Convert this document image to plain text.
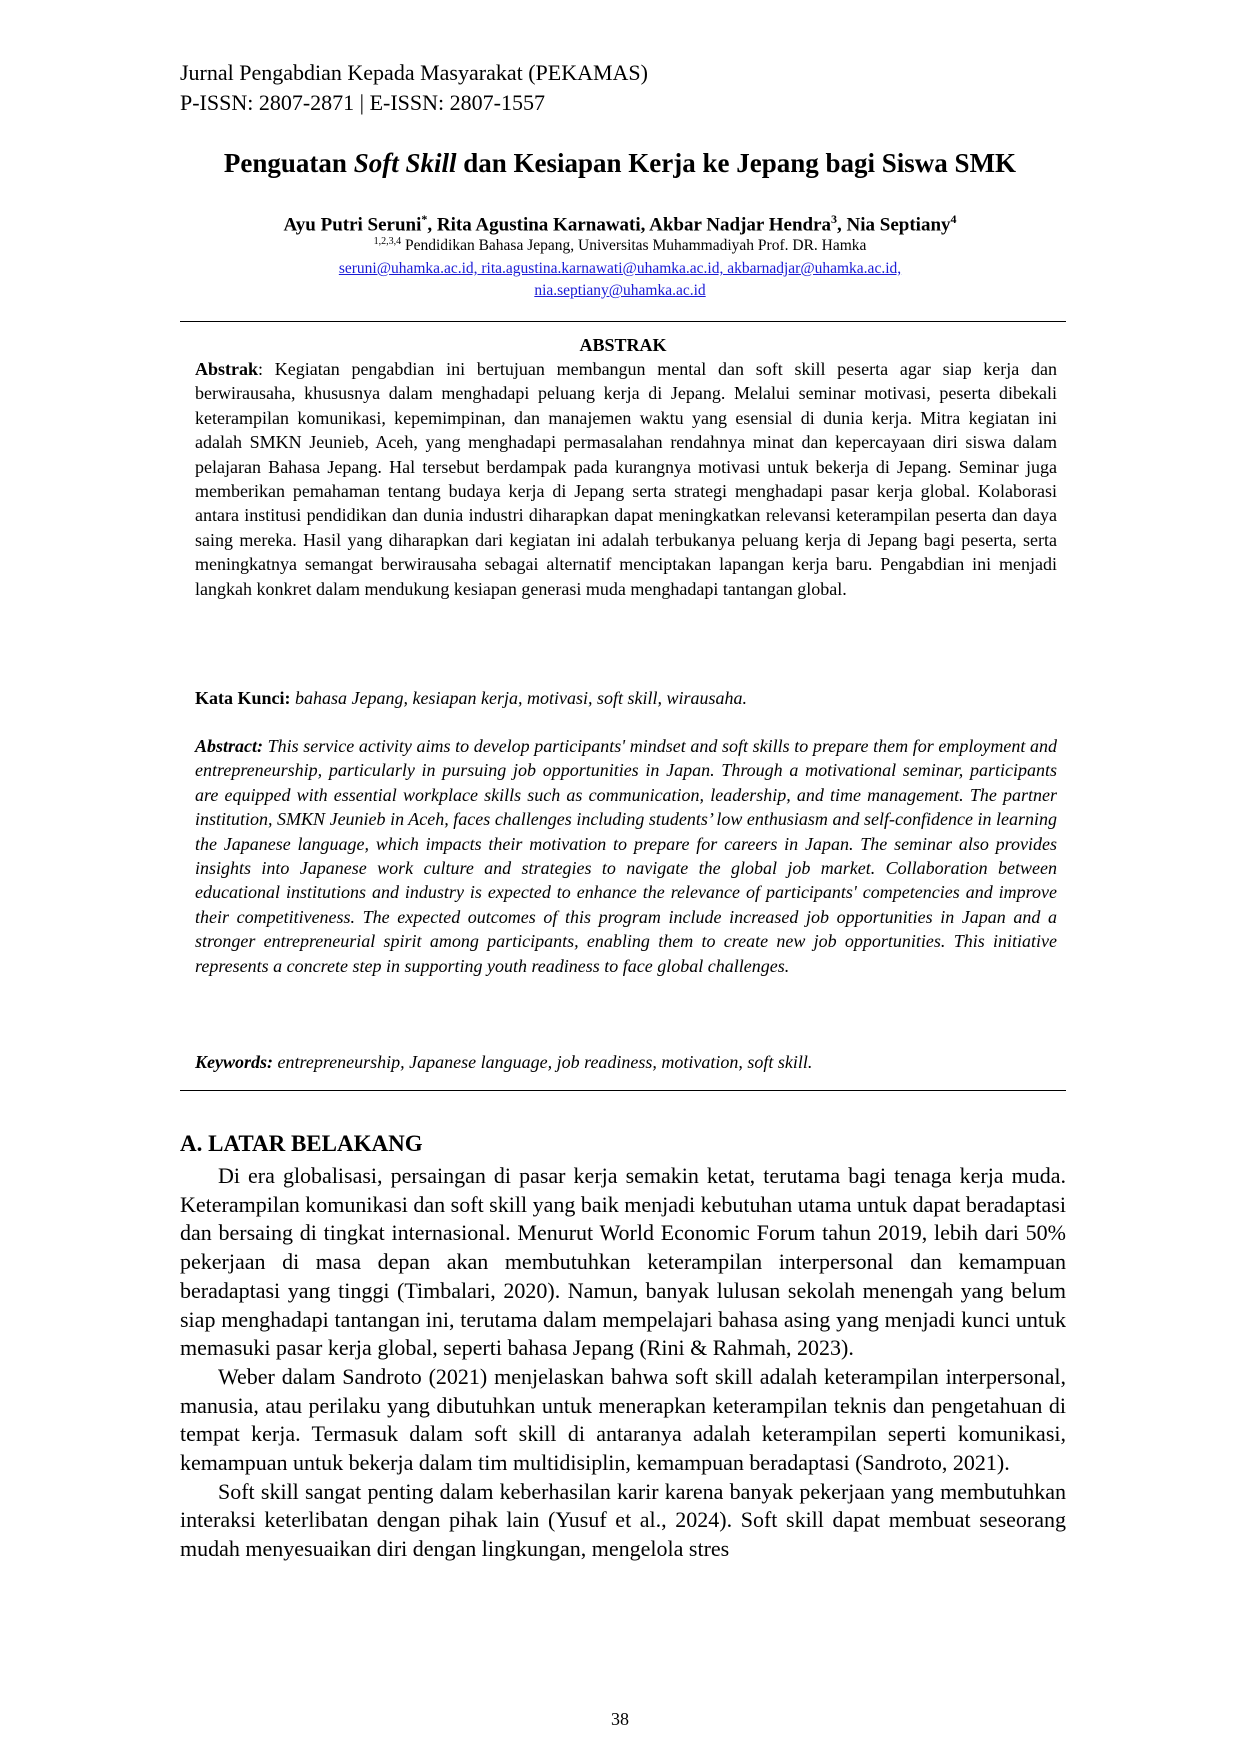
Jurnal Pengabdian Kepada Masyarakat (PEKAMAS)
P-ISSN: 2807-2871 | E-ISSN: 2807-1557
Penguatan Soft Skill dan Kesiapan Kerja ke Jepang bagi Siswa SMK
Ayu Putri Seruni*, Rita Agustina Karnawati, Akbar Nadjar Hendra$^3$, Nia Septiany$^4$
$^{1,2,3,4}$ Pendidikan Bahasa Jepang, Universitas Muhammadiyah Prof. DR. Hamka
seruni@uhamka.ac.id, rita.agustina.karnawati@uhamka.ac.id, akbarnadjar@uhamka.ac.id,
nia.septiany@uhamka.ac.id
ABSTRAK
Abstrak: Kegiatan pengabdian ini bertujuan membangun mental dan soft skill peserta agar siap kerja dan berwirausaha, khususnya dalam menghadapi peluang kerja di Jepang. Melalui seminar motivasi, peserta dibekali keterampilan komunikasi, kepemimpinan, dan manajemen waktu yang esensial di dunia kerja. Mitra kegiatan ini adalah SMKN Jeunieb, Aceh, yang menghadapi permasalahan rendahnya minat dan kepercayaan diri siswa dalam pelajaran Bahasa Jepang. Hal tersebut berdampak pada kurangnya motivasi untuk bekerja di Jepang. Seminar juga memberikan pemahaman tentang budaya kerja di Jepang serta strategi menghadapi pasar kerja global. Kolaborasi antara institusi pendidikan dan dunia industri diharapkan dapat meningkatkan relevansi keterampilan peserta dan daya saing mereka. Hasil yang diharapkan dari kegiatan ini adalah terbukanya peluang kerja di Jepang bagi peserta, serta meningkatnya semangat berwirausaha sebagai alternatif menciptakan lapangan kerja baru. Pengabdian ini menjadi langkah konkret dalam mendukung kesiapan generasi muda menghadapi tantangan global.
Kata Kunci: bahasa Jepang, kesiapan kerja, motivasi, soft skill, wirausaha.
Abstract: This service activity aims to develop participants' mindset and soft skills to prepare them for employment and entrepreneurship, particularly in pursuing job opportunities in Japan. Through a motivational seminar, participants are equipped with essential workplace skills such as communication, leadership, and time management. The partner institution, SMKN Jeunieb in Aceh, faces challenges including students’ low enthusiasm and self-confidence in learning the Japanese language, which impacts their motivation to prepare for careers in Japan. The seminar also provides insights into Japanese work culture and strategies to navigate the global job market. Collaboration between educational institutions and industry is expected to enhance the relevance of participants' competencies and improve their competitiveness. The expected outcomes of this program include increased job opportunities in Japan and a stronger entrepreneurial spirit among participants, enabling them to create new job opportunities. This initiative represents a concrete step in supporting youth readiness to face global challenges.
Keywords: entrepreneurship, Japanese language, job readiness, motivation, soft skill.
A. LATAR BELAKANG

Di era globalisasi, persaingan di pasar kerja semakin ketat, terutama bagi tenaga kerja muda. Keterampilan komunikasi dan soft skill yang baik menjadi kebutuhan utama untuk dapat beradaptasi dan bersaing di tingkat internasional. Menurut World Economic Forum tahun 2019, lebih dari 50% pekerjaan di masa depan akan membutuhkan keterampilan interpersonal dan kemampuan beradaptasi yang tinggi (Timbalari, 2020). Namun, banyak lulusan sekolah menengah yang belum siap menghadapi tantangan ini, terutama dalam mempelajari bahasa asing yang menjadi kunci untuk memasuki pasar kerja global, seperti bahasa Jepang (Rini & Rahmah, 2023).

Weber dalam Sandroto (2021) menjelaskan bahwa soft skill adalah keterampilan interpersonal, manusia, atau perilaku yang dibutuhkan untuk menerapkan keterampilan teknis dan pengetahuan di tempat kerja. Termasuk dalam soft skill di antaranya adalah keterampilan seperti komunikasi, kemampuan untuk bekerja dalam tim multidisiplin, kemampuan beradaptasi (Sandroto, 2021).

Soft skill sangat penting dalam keberhasilan karir karena banyak pekerjaan yang membutuhkan interaksi keterlibatan dengan pihak lain (Yusuf et al., 2024). Soft skill dapat membuat seseorang mudah menyesuaikan diri dengan lingkungan, mengelola stres

38
